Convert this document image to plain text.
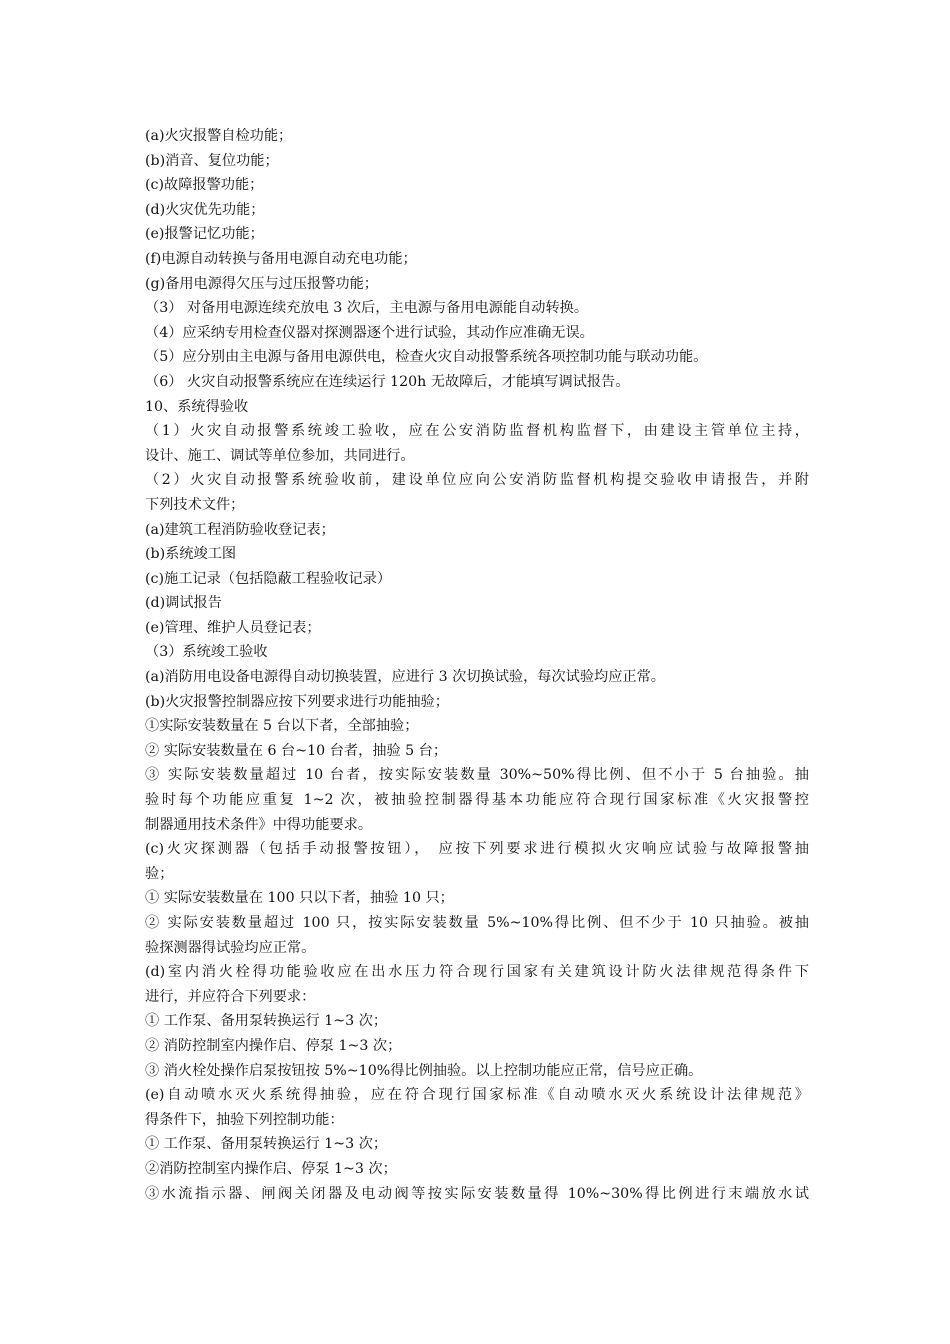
(a)火灾报警自检功能；
(b)消音、复位功能；
(c)故障报警功能；
(d)火灾优先功能；
(e)报警记忆功能；
(f)电源自动转换与备用电源自动充电功能；
(g)备用电源得欠压与过压报警功能；
（3） 对备用电源连续充放电 3 次后，主电源与备用电源能自动转换。
（4）应采纳专用检查仪器对探测器逐个进行试验，其动作应准确无误。
（5）应分别由主电源与备用电源供电，检查火灾自动报警系统各项控制功能与联动功能。
（6） 火灾自动报警系统应在连续运行 120h 无故障后，才能填写调试报告。
10、系统得验收
（1）火灾自动报警系统竣工验收，应在公安消防监督机构监督下，由建设主管单位主持，
设计、施工、调试等单位参加，共同进行。
（2）火灾自动报警系统验收前，建设单位应向公安消防监督机构提交验收申请报告，并附
下列技术文件；
(a)建筑工程消防验收登记表；
(b)系统竣工图
(c)施工记录（包括隐蔽工程验收记录）
(d)调试报告
(e)管理、维护人员登记表；
（3）系统竣工验收
(a)消防用电设备电源得自动切换装置，应进行 3 次切换试验，每次试验均应正常。
(b)火灾报警控制器应按下列要求进行功能抽验；
①实际安装数量在 5 台以下者，全部抽验；
② 实际安装数量在 6 台~10 台者，抽验 5 台；
③ 实际安装数量超过 10 台者，按实际安装数量 30%~50%得比例、但不小于 5 台抽验。抽
验时每个功能应重复 1~2 次，被抽验控制器得基本功能应符合现行国家标准《火灾报警控
制器通用技术条件》中得功能要求。
(c)火灾探测器（包括手动报警按钮）， 应按下列要求进行模拟火灾响应试验与故障报警抽
验；
① 实际安装数量在 100 只以下者，抽验 10 只；
② 实际安装数量超过 100 只，按实际安装数量 5%~10%得比例、但不少于 10 只抽验。被抽
验探测器得试验均应正常。
(d)室内消火栓得功能验收应在出水压力符合现行国家有关建筑设计防火法律规范得条件下
进行，并应符合下列要求：
① 工作泵、备用泵转换运行 1~3 次；
② 消防控制室内操作启、停泵 1~3 次；
③ 消火栓处操作启泵按钮按 5%~10%得比例抽验。以上控制功能应正常，信号应正确。
(e)自动喷水灭火系统得抽验，应在符合现行国家标准《自动喷水灭火系统设计法律规范》
得条件下，抽验下列控制功能：
① 工作泵、备用泵转换运行 1~3 次；
②消防控制室内操作启、停泵 1~3 次；
③水流指示器、闸阀关闭器及电动阀等按实际安装数量得 10%~30%得比例进行末端放水试
